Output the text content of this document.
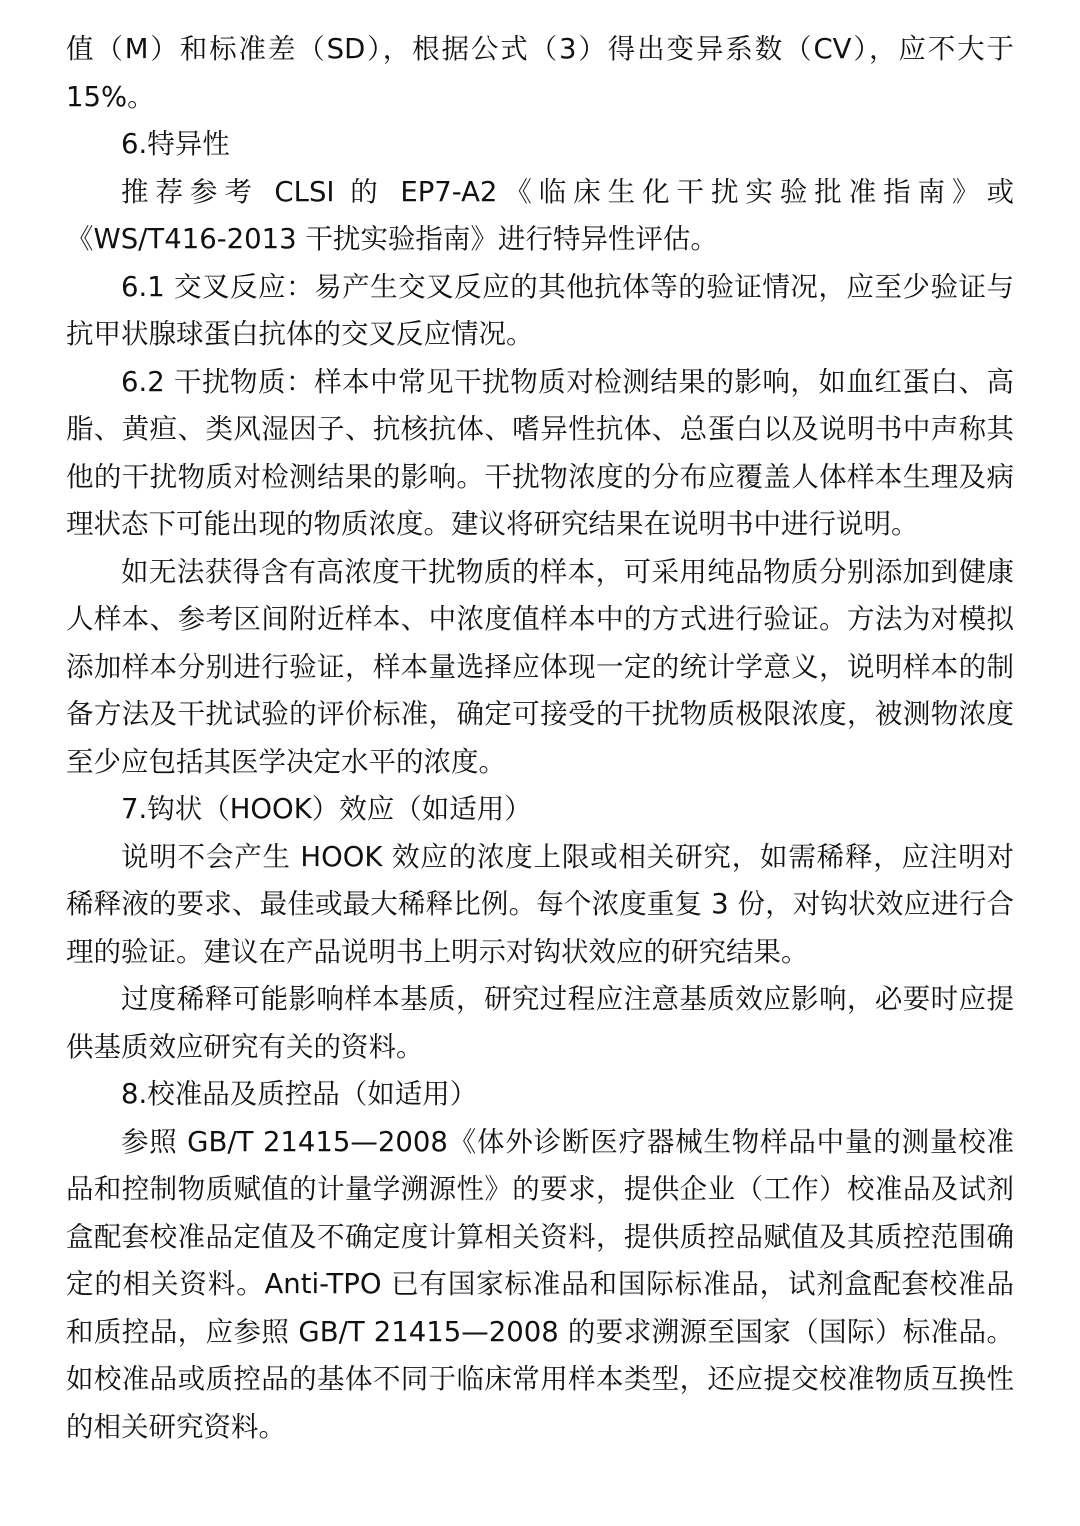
值（M）和标准差（SD），根据公式（3）得出变异系数（CV），应不大于15%。

6.特异性

推荐参考 CLSI 的 EP7-A2《临床生化干扰实验批准指南》或《WS/T416-2013 干扰实验指南》进行特异性评估。

6.1 交叉反应：易产生交叉反应的其他抗体等的验证情况，应至少验证与抗甲状腺球蛋白抗体的交叉反应情况。

6.2 干扰物质：样本中常见干扰物质对检测结果的影响，如血红蛋白、高脂、黄疸、类风湿因子、抗核抗体、嗜异性抗体、总蛋白以及说明书中声称其他的干扰物质对检测结果的影响。干扰物浓度的分布应覆盖人体样本生理及病理状态下可能出现的物质浓度。建议将研究结果在说明书中进行说明。

如无法获得含有高浓度干扰物质的样本，可采用纯品物质分别添加到健康人样本、参考区间附近样本、中浓度值样本中的方式进行验证。方法为对模拟添加样本分别进行验证，样本量选择应体现一定的统计学意义，说明样本的制备方法及干扰试验的评价标准，确定可接受的干扰物质极限浓度，被测物浓度至少应包括其医学决定水平的浓度。

7.钩状（HOOK）效应（如适用）

说明不会产生 HOOK 效应的浓度上限或相关研究，如需稀释，应注明对稀释液的要求、最佳或最大稀释比例。每个浓度重复 3 份，对钩状效应进行合理的验证。建议在产品说明书上明示对钩状效应的研究结果。

过度稀释可能影响样本基质，研究过程应注意基质效应影响，必要时应提供基质效应研究有关的资料。

8.校准品及质控品（如适用）

参照 GB/T 21415—2008《体外诊断医疗器械生物样品中量的测量校准品和控制物质赋值的计量学溯源性》的要求，提供企业（工作）校准品及试剂盒配套校准品定值及不确定度计算相关资料，提供质控品赋值及其质控范围确定的相关资料。Anti-TPO 已有国家标准品和国际标准品，试剂盒配套校准品和质控品，应参照 GB/T 21415—2008 的要求溯源至国家（国际）标准品。如校准品或质控品的基体不同于临床常用样本类型，还应提交校准物质互换性的相关研究资料。
